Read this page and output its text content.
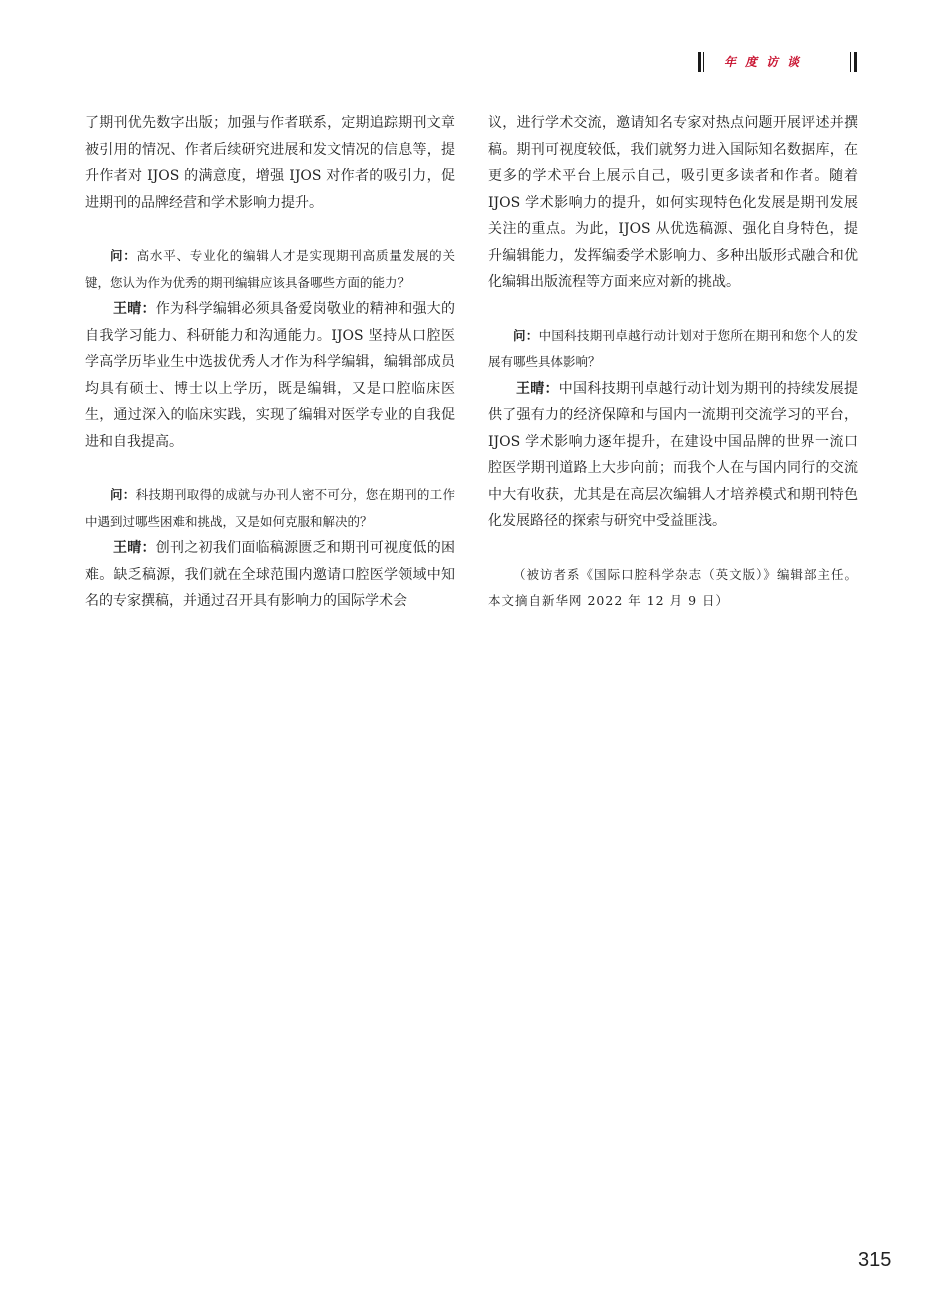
年度访谈

了期刊优先数字出版；加强与作者联系，定期追踪期刊文章被引用的情况、作者后续研究进展和发文情况的信息等，提升作者对 IJOS 的满意度，增强 IJOS 对作者的吸引力，促进期刊的品牌经营和学术影响力提升。

问：高水平、专业化的编辑人才是实现期刊高质量发展的关键，您认为作为优秀的期刊编辑应该具备哪些方面的能力？

王晴：作为科学编辑必须具备爱岗敬业的精神和强大的自我学习能力、科研能力和沟通能力。IJOS 坚持从口腔医学高学历毕业生中选拔优秀人才作为科学编辑，编辑部成员均具有硕士、博士以上学历，既是编辑，又是口腔临床医生，通过深入的临床实践，实现了编辑对医学专业的自我促进和自我提高。

问：科技期刊取得的成就与办刊人密不可分，您在期刊的工作中遇到过哪些困难和挑战，又是如何克服和解决的？

王晴：创刊之初我们面临稿源匮乏和期刊可视度低的困难。缺乏稿源，我们就在全球范围内邀请口腔医学领域中知名的专家撰稿，并通过召开具有影响力的国际学术会

议，进行学术交流，邀请知名专家对热点问题开展评述并撰稿。期刊可视度较低，我们就努力进入国际知名数据库，在更多的学术平台上展示自己，吸引更多读者和作者。随着 IJOS 学术影响力的提升，如何实现特色化发展是期刊发展关注的重点。为此，IJOS 从优选稿源、强化自身特色，提升编辑能力，发挥编委学术影响力、多种出版形式融合和优化编辑出版流程等方面来应对新的挑战。

问：中国科技期刊卓越行动计划对于您所在期刊和您个人的发展有哪些具体影响？

王晴：中国科技期刊卓越行动计划为期刊的持续发展提供了强有力的经济保障和与国内一流期刊交流学习的平台，IJOS 学术影响力逐年提升，在建设中国品牌的世界一流口腔医学期刊道路上大步向前；而我个人在与国内同行的交流中大有收获，尤其是在高层次编辑人才培养模式和期刊特色化发展路径的探索与研究中受益匪浅。

（被访者系《国际口腔科学杂志（英文版）》编辑部主任。本文摘自新华网 2022 年 12 月 9 日）

315
